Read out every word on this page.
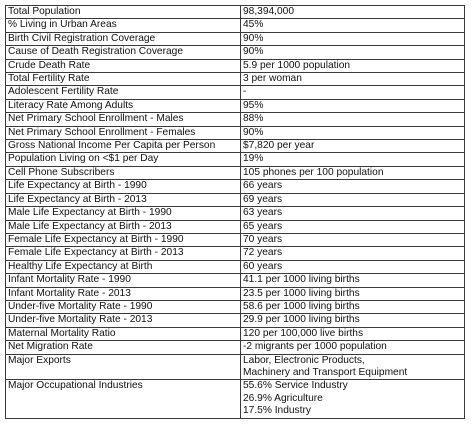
Total Population	98,394,000
% Living in Urban Areas	45%
Birth Civil Registration Coverage	90%
Cause of Death Registration Coverage	90%
Crude Death Rate	5.9 per 1000 population
Total Fertility Rate	3 per woman
Adolescent Fertility Rate	-
Literacy Rate Among Adults	95%
Net Primary School Enrollment - Males	88%
Net Primary School Enrollment - Females	90%
Gross National Income Per Capita per Person	$7,820 per year
Population Living on <$1 per Day	19%
Cell Phone Subscribers	105 phones per 100 population
Life Expectancy at Birth - 1990	66 years
Life Expectancy at Birth - 2013	69 years
Male Life Expectancy at Birth - 1990	63 years
Male Life Expectancy at Birth - 2013	65 years
Female Life Expectancy at Birth - 1990	70 years
Female Life Expectancy at Birth - 2013	72 years
Healthy Life Expectancy at Birth	60 years
Infant Mortality Rate - 1990	41.1 per 1000 living births
Infant Mortality Rate - 2013	23.5 per 1000 living births
Under-five Mortality Rate - 1990	58.6 per 1000 living births
Under-five Mortality Rate - 2013	29.9 per 1000 living births
Maternal Mortality Ratio	120 per 100,000 live births
Net Migration Rate	-2 migrants per 1000 population
Major Exports	Labor, Electronic Products,
Machinery and Transport Equipment

Major Occupational Industries	55.6% Service Industry
26.9% Agriculture
17.5% Industry
